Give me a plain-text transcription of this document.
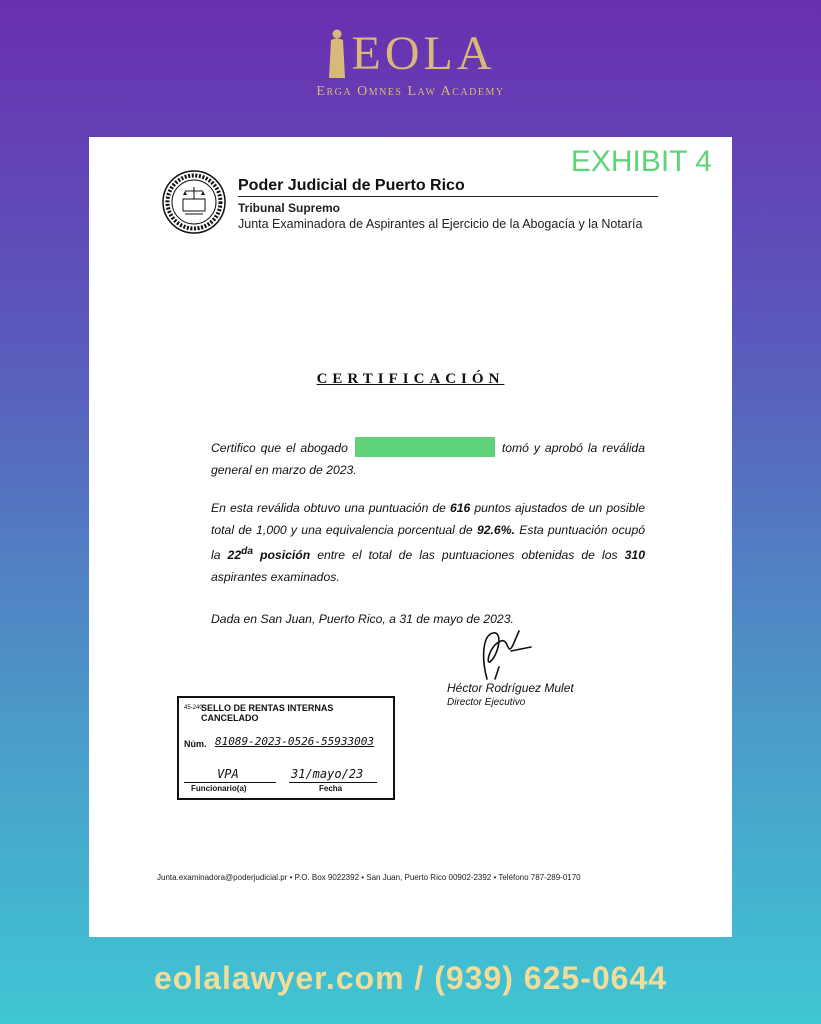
EOLA
Erga Omnes Law Academy
EXHIBIT 4
Poder Judicial de Puerto Rico
Tribunal Supremo
Junta Examinadora de Aspirantes al Ejercicio de la Abogacía y la Notaría
CERTIFICACIÓN
Certifico que el abogado	tomó y aprobó la reválida general en marzo de 2023.
En esta reválida obtuvo una puntuación de 616 puntos ajustados de un posible total de 1,000 y una equivalencia porcentual de 92.6%. Esta puntuación ocupó la $22^{da}$ posición entre el total de las puntuaciones obtenidas de los 310 aspirantes examinados.
Dada en San Juan, Puerto Rico, a 31 de mayo de 2023.
Héctor Rodríguez Mulet
Director Ejecutivo
45-240
SELLO DE RENTAS INTERNAS CANCELADO
Núm. 81089-2023-0526-55933003
VPA	31/mayo/23
Funcionario(a)	Fecha
Junta.examinadora@poderjudicial.pr • P.O. Box 9022392 • San Juan, Puerto Rico 00902-2392 • Teléfono 787-289-0170
eolalawyer.com / (939) 625-0644
